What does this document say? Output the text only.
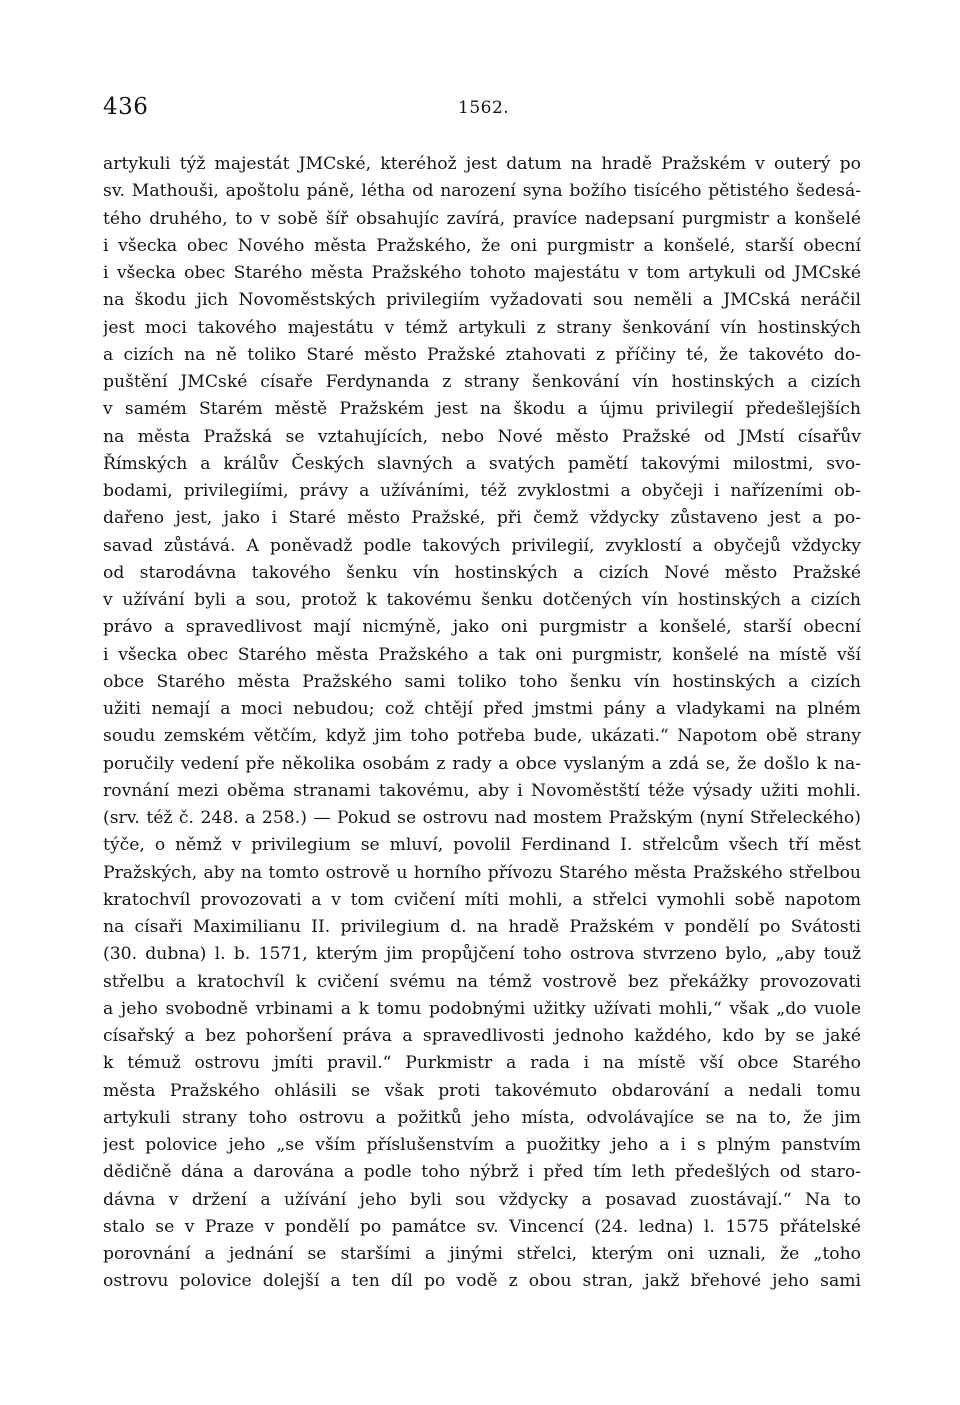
436	1562.
artykuli týž majestát JMCské, kteréhož jest datum na hradě Pražském v outerý po
sv. Mathouši, apoštolu páně, létha od narození syna božího tisícého pětistého šedesá-
tého druhého, to v sobě šíř obsahujíc zavírá, pravíce nadepsaní purgmistr a konšelé
i všecka obec Nového města Pražského, že oni purgmistr a konšelé, starší obecní
i všecka obec Starého města Pražského tohoto majestátu v tom artykuli od JMCské
na škodu jich Novoměstských privilegiím vyžadovati sou neměli a JMCská neráčil
jest moci takového majestátu v témž artykuli z strany šenkování vín hostinských
a cizích na ně toliko Staré město Pražské ztahovati z příčiny té, že takovéto do-
puštění JMCské císaře Ferdynanda z strany šenkování vín hostinských a cizích
v samém Starém městě Pražském jest na škodu a újmu privilegií předešlejších
na města Pražská se vztahujících, nebo Nové město Pražské od JMstí císařův
Římských a králův Českých slavných a svatých pamětí takovými milostmi, svo-
bodami, privilegiími, právy a užíváními, též zvyklostmi a obyčeji i nařízeními ob-
dařeno jest, jako i Staré město Pražské, při čemž vždycky zůstaveno jest a po-
savad zůstává. A poněvadž podle takových privilegií, zvyklostí a obyčejů vždycky
od starodávna takového šenku vín hostinských a cizích Nové město Pražské
v užívání byli a sou, protož k takovému šenku dotčených vín hostinských a cizích
právo a spravedlivost mají nicmýně, jako oni purgmistr a konšelé, starší obecní
i všecka obec Starého města Pražského a tak oni purgmistr, konšelé na místě vší
obce Starého města Pražského sami toliko toho šenku vín hostinských a cizích
užiti nemají a moci nebudou; což chtějí před jmstmi pány a vladykami na plném
soudu zemském větčím, když jim toho potřeba bude, ukázati.“ Napotom obě strany
poručily vedení pře několika osobám z rady a obce vyslaným a zdá se, že došlo k na-
rovnání mezi oběma stranami takovému, aby i Novoměstští téže výsady užiti mohli.
(srv. též č. 248. a 258.) — Pokud se ostrovu nad mostem Pražským (nyní Střeleckého)
týče, o němž v privilegium se mluví, povolil Ferdinand I. střelcům všech tří měst
Pražských, aby na tomto ostrově u horního přívozu Starého města Pražského střelbou
kratochvíl provozovati a v tom cvičení míti mohli, a střelci vymohli sobě napotom
na císaři Maximilianu II. privilegium d. na hradě Pražském v pondělí po Svátosti
(30. dubna) l. b. 1571, kterým jim propůjčení toho ostrova stvrzeno bylo, „aby touž
střelbu a kratochvíl k cvičení svému na témž vostrově bez překážky provozovati
a jeho svobodně vrbinami a k tomu podobnými užitky užívati mohli,“ však „do vuole
císařský a bez pohoršení práva a spravedlivosti jednoho každého, kdo by se jaké
k témuž ostrovu jmíti pravil.“ Purkmistr a rada i na místě vší obce Starého
města Pražského ohlásili se však proti takovémuto obdarování a nedali tomu
artykuli strany toho ostrovu a požitků jeho místa, odvolávajíce se na to, že jim
jest polovice jeho „se vším příslušenstvím a puožitky jeho a i s plným panstvím
dědičně dána a darována a podle toho nýbrž i před tím leth předešlých od staro-
dávna v držení a užívání jeho byli sou vždycky a posavad zuostávají.“ Na to
stalo se v Praze v pondělí po památce sv. Vincencí (24. ledna) l. 1575 přátelské
porovnání a jednání se staršími a jinými střelci, kterým oni uznali, že „toho
ostrovu polovice dolejší a ten díl po vodě z obou stran, jakž břehové jeho sami
